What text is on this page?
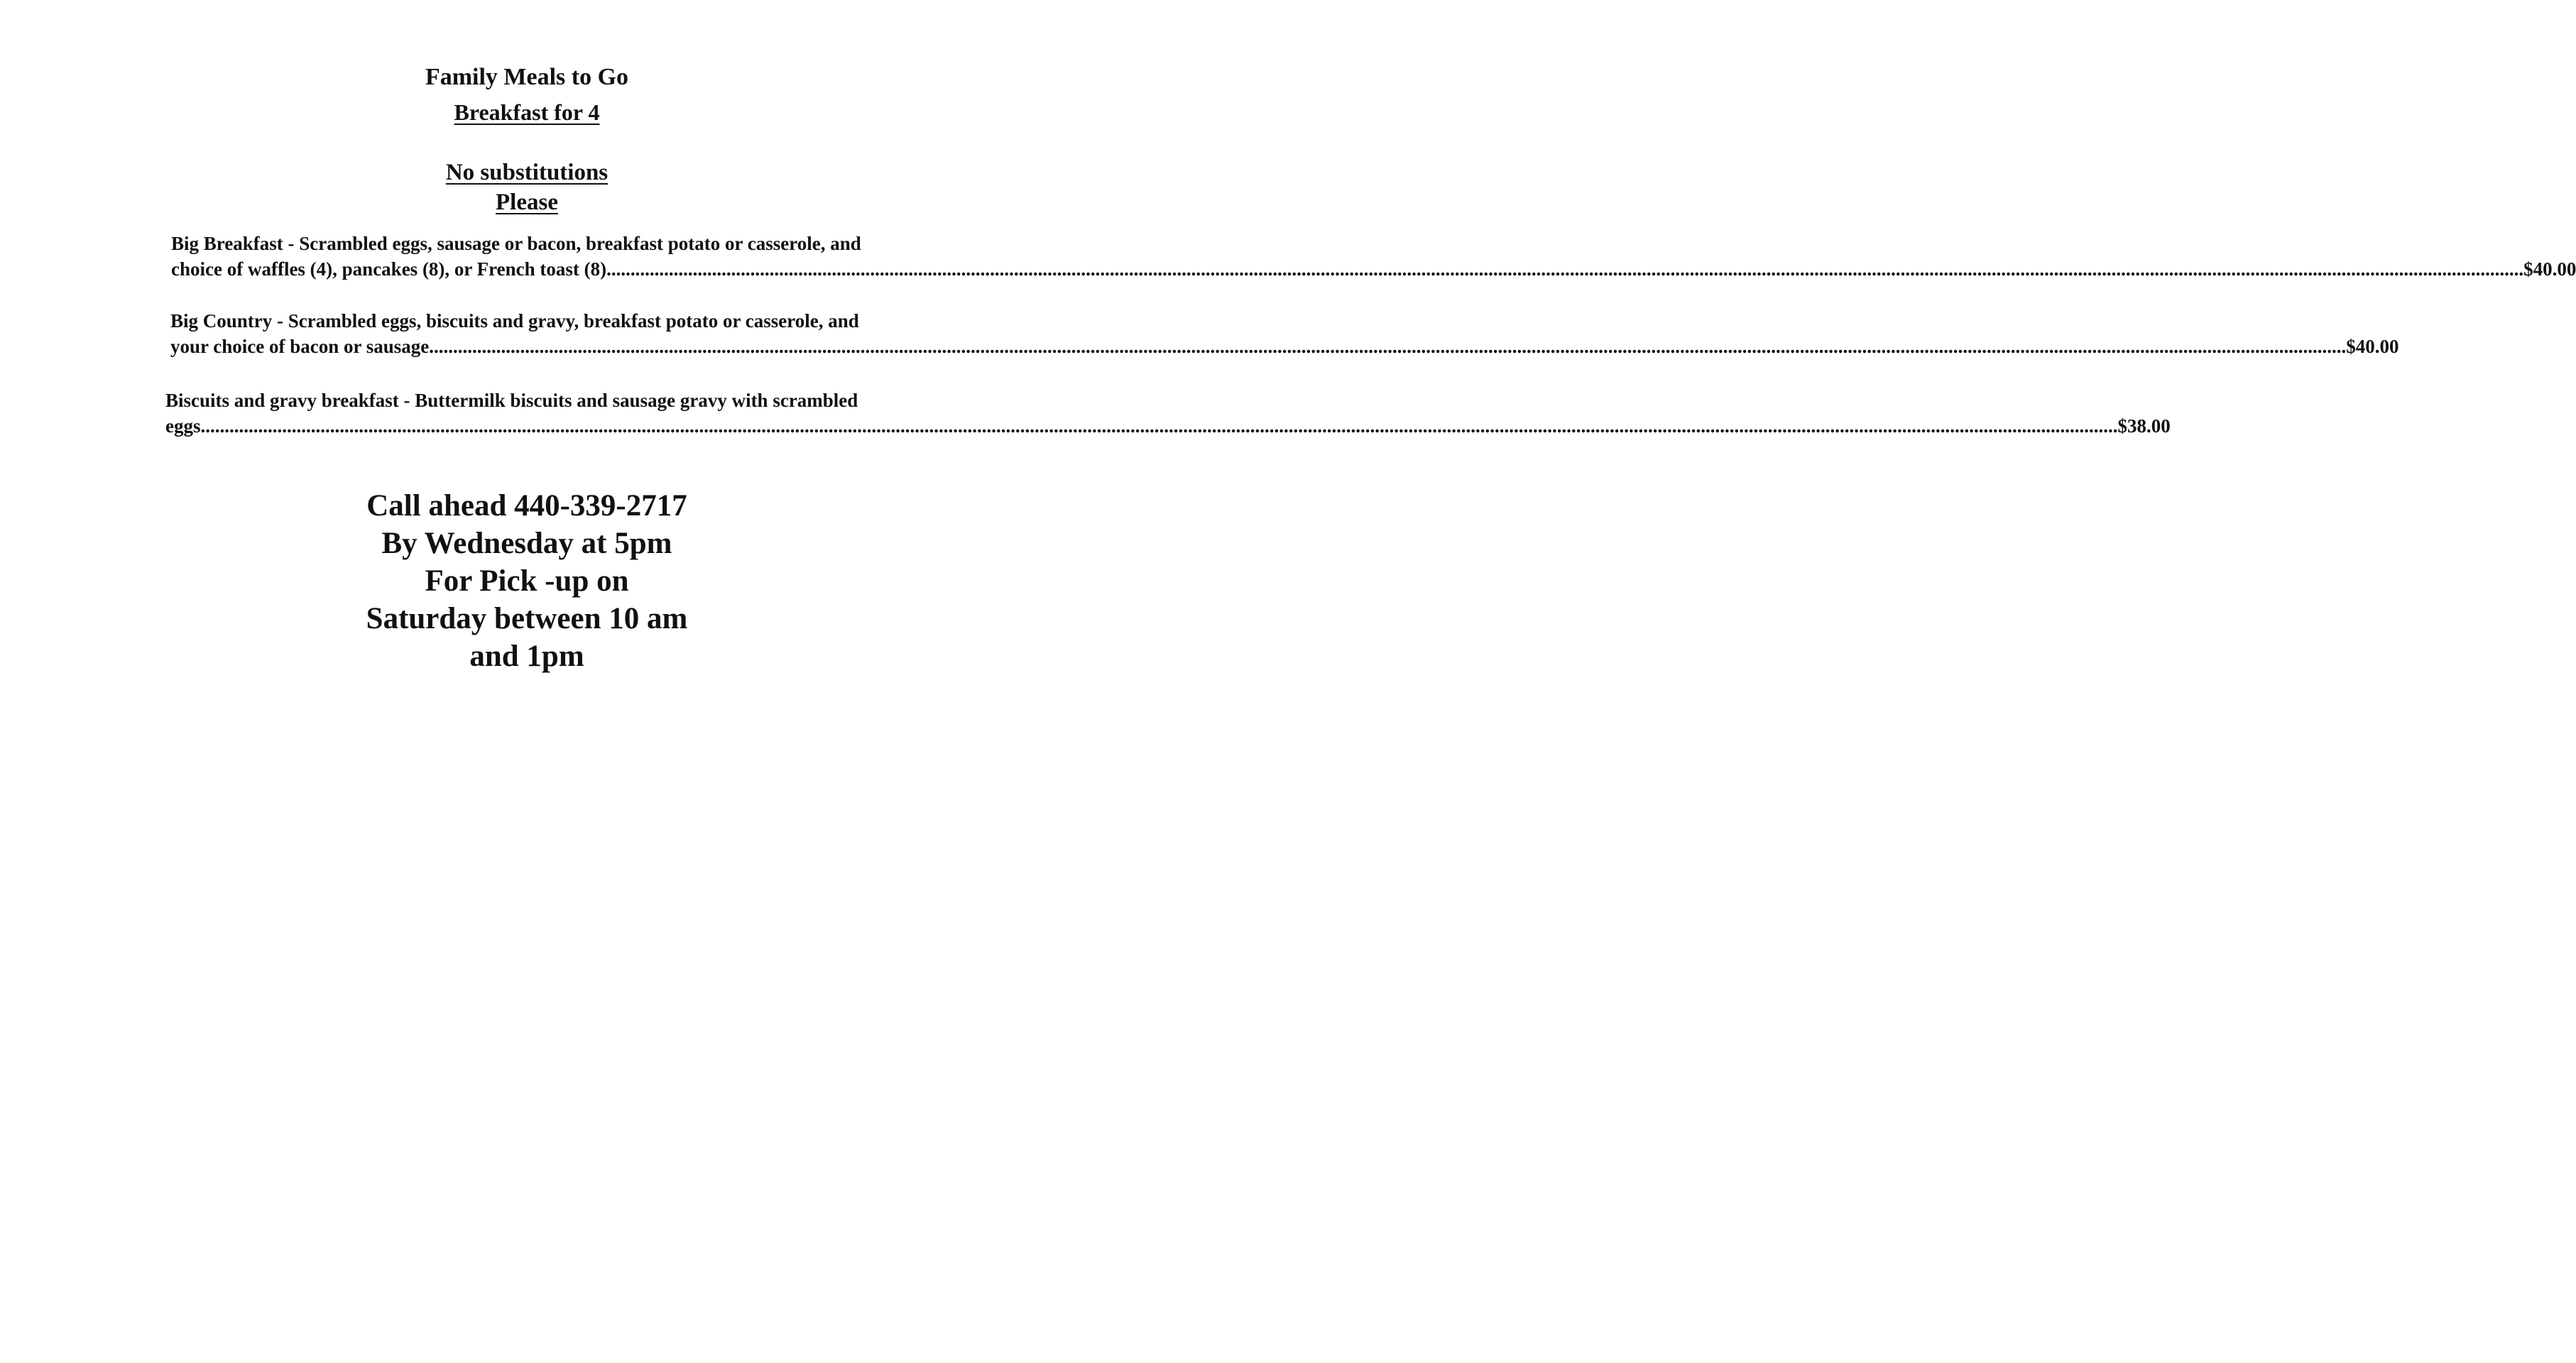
Family Meals to Go
Breakfast for 4
No substitutions
Please
Big Breakfast - Scrambled eggs, sausage or bacon, breakfast potato or casserole, and
choice of waffles (4), pancakes (8), or French toast (8) ................................................................................................................................................................................................................................................................................................................................................................................................................ $40.00
Big Country - Scrambled eggs, biscuits and gravy, breakfast potato or casserole, and
your choice of bacon or sausage ................................................................................................................................................................................................................................................................................................................................................................................................................ $40.00
Biscuits and gravy breakfast - Buttermilk biscuits and sausage gravy with scrambled
eggs ................................................................................................................................................................................................................................................................................................................................................................................................................ $38.00
Call ahead 440-339-2717
By Wednesday at 5pm
For Pick -up on
Saturday between 10 am
and 1pm
